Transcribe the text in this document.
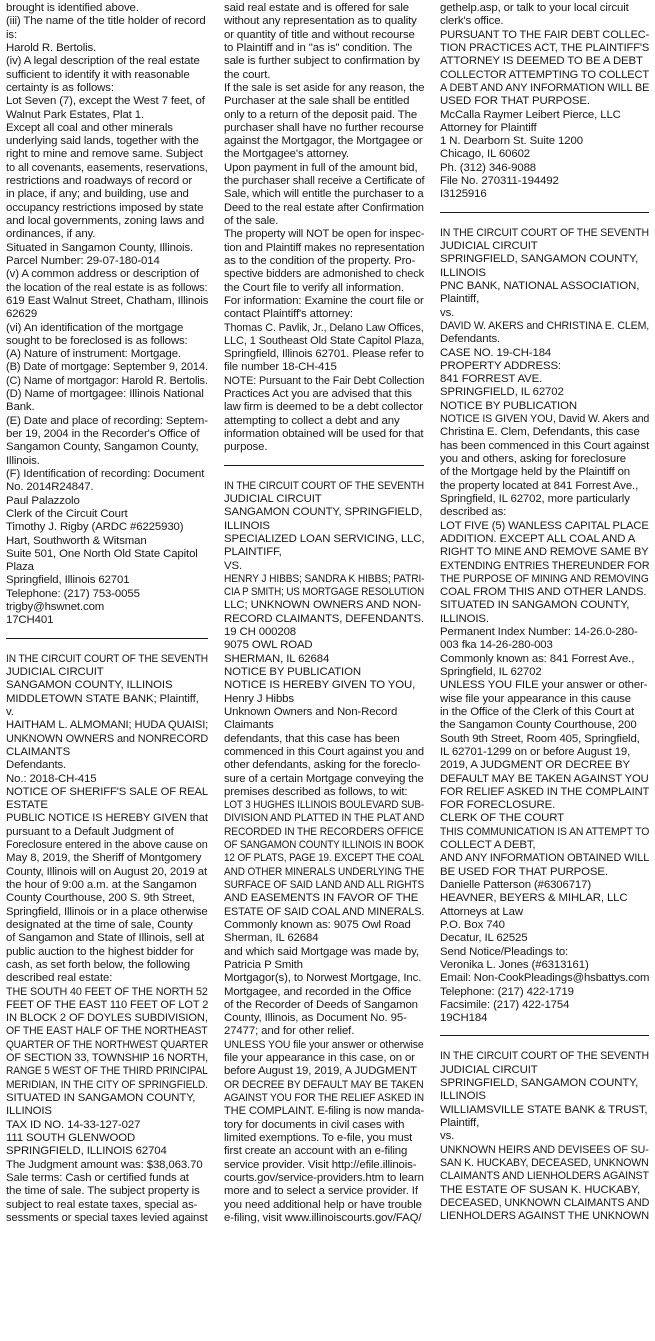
brought is identified above.
(iii) The name of the title holder of record
is:
Harold R. Bertolis.
(iv) A legal description of the real estate
sufficient to identify it with reasonable
certainty is as follows:
Lot Seven (7), except the West 7 feet, of
Walnut Park Estates, Plat 1.
Except all coal and other minerals
underlying said lands, together with the
right to mine and remove same. Subject
to all covenants, easements, reservations,
restrictions and roadways of record or
in place, if any; and building, use and
occupancy restrictions imposed by state
and local governments, zoning laws and
ordinances, if any.
Situated in Sangamon County, Illinois.
Parcel Number: 29-07-180-014
(v) A common address or description of
the location of the real estate is as follows:
619 East Walnut Street, Chatham, Illinois
62629
(vi) An identification of the mortgage
sought to be foreclosed is as follows:
(A) Nature of instrument: Mortgage.
(B) Date of mortgage: September 9, 2014.
(C) Name of mortgagor: Harold R. Bertolis.
(D) Name of mortgagee: Illinois National
Bank.
(E) Date and place of recording: Septem-
ber 19, 2004 in the Recorder's Office of
Sangamon County, Sangamon County,
Illinois.
(F) Identification of recording: Document
No. 2014R24847.
Paul Palazzolo
Clerk of the Circuit Court
Timothy J. Rigby (ARDC #6225930)
Hart, Southworth & Witsman
Suite 501, One North Old State Capitol
Plaza
Springfield, Illinois 62701
Telephone: (217) 753-0055
trigby@hswnet.com
17CH401
IN THE CIRCUIT COURT OF THE SEVENTH
JUDICIAL CIRCUIT
SANGAMON COUNTY, ILLINOIS
MIDDLETOWN STATE BANK; Plaintiff,
v.
HAITHAM L. ALMOMANI; HUDA QUAISI;
UNKNOWN OWNERS and NONRECORD
CLAIMANTS
Defendants.
No.: 2018-CH-415
NOTICE OF SHERIFF'S SALE OF REAL
ESTATE
PUBLIC NOTICE IS HEREBY GIVEN that
pursuant to a Default Judgment of
Foreclosure entered in the above cause on
May 8, 2019, the Sheriff of Montgomery
County, Illinois will on August 20, 2019 at
the hour of 9:00 a.m. at the Sangamon
County Courthouse, 200 S. 9th Street,
Springfield, Illinois or in a place otherwise
designated at the time of sale, County
of Sangamon and State of Illinois, sell at
public auction to the highest bidder for
cash, as set forth below, the following
described real estate:
THE SOUTH 40 FEET OF THE NORTH 52
FEET OF THE EAST 110 FEET OF LOT 2
IN BLOCK 2 OF DOYLES SUBDIVISION,
OF THE EAST HALF OF THE NORTHEAST
QUARTER OF THE NORTHWEST QUARTER
OF SECTION 33, TOWNSHIP 16 NORTH,
RANGE 5 WEST OF THE THIRD PRINCIPAL
MERIDIAN, IN THE CITY OF SPRINGFIELD.
SITUATED IN SANGAMON COUNTY,
ILLINOIS
TAX ID NO. 14-33-127-027
111 SOUTH GLENWOOD
SPRINGFIELD, ILLINOIS 62704
The Judgment amount was: $38,063.70
Sale terms: Cash or certified funds at
the time of sale. The subject property is
subject to real estate taxes, special as-
sessments or special taxes levied against
said real estate and is offered for sale
without any representation as to quality
or quantity of title and without recourse
to Plaintiff and in "as is" condition. The
sale is further subject to confirmation by
the court.
If the sale is set aside for any reason, the
Purchaser at the sale shall be entitled
only to a return of the deposit paid. The
purchaser shall have no further recourse
against the Mortgagor, the Mortgagee or
the Mortgagee's attorney.
Upon payment in full of the amount bid,
the purchaser shall receive a Certificate of
Sale, which will entitle the purchaser to a
Deed to the real estate after Confirmation
of the sale.
The property will NOT be open for inspec-
tion and Plaintiff makes no representation
as to the condition of the property. Pro-
spective bidders are admonished to check
the Court file to verify all information.
For information: Examine the court file or
contact Plaintiff's attorney:
Thomas C. Pavlik, Jr., Delano Law Offices,
LLC, 1 Southeast Old State Capitol Plaza,
Springfield, Illinois 62701. Please refer to
file number 18-CH-415
NOTE: Pursuant to the Fair Debt Collection
Practices Act you are advised that this
law firm is deemed to be a debt collector
attempting to collect a debt and any
information obtained will be used for that
purpose.
IN THE CIRCUIT COURT OF THE SEVENTH
JUDICIAL CIRCUIT
SANGAMON COUNTY, SPRINGFIELD,
ILLINOIS
SPECIALIZED LOAN SERVICING, LLC,
PLAINTIFF,
VS.
HENRY J HIBBS; SANDRA K HIBBS; PATRI-
CIA P SMITH; US MORTGAGE RESOLUTION
LLC; UNKNOWN OWNERS AND NON-
RECORD CLAIMANTS, DEFENDANTS.
19 CH 000208
9075 OWL ROAD
SHERMAN, IL 62684
NOTICE BY PUBLICATION
NOTICE IS HEREBY GIVEN TO YOU,
Henry J Hibbs
Unknown Owners and Non-Record
Claimants
defendants, that this case has been
commenced in this Court against you and
other defendants, asking for the foreclo-
sure of a certain Mortgage conveying the
premises described as follows, to wit:
LOT 3 HUGHES ILLINOIS BOULEVARD SUB-
DIVISION AND PLATTED IN THE PLAT AND
RECORDED IN THE RECORDERS OFFICE
OF SANGAMON COUNTY ILLINOIS IN BOOK
12 OF PLATS, PAGE 19. EXCEPT THE COAL
AND OTHER MINERALS UNDERLYING THE
SURFACE OF SAID LAND AND ALL RIGHTS
AND EASEMENTS IN FAVOR OF THE
ESTATE OF SAID COAL AND MINERALS.
Commonly known as: 9075 Owl Road
Sherman, IL 62684
and which said Mortgage was made by,
Patricia P Smith
Mortgagor(s), to Norwest Mortgage, Inc.
Mortgagee, and recorded in the Office
of the Recorder of Deeds of Sangamon
County, Illinois, as Document No. 95-
27477; and for other relief.
UNLESS YOU file your answer or otherwise
file your appearance in this case, on or
before August 19, 2019, A JUDGMENT
OR DECREE BY DEFAULT MAY BE TAKEN
AGAINST YOU FOR THE RELIEF ASKED IN
THE COMPLAINT. E-filing is now manda-
tory for documents in civil cases with
limited exemptions. To e-file, you must
first create an account with an e-filing
service provider. Visit http://efile.illinois-
courts.gov/service-providers.htm to learn
more and to select a service provider. If
you need additional help or have trouble
e-filing, visit www.illinoiscourts.gov/FAQ/
gethelp.asp, or talk to your local circuit
clerk's office.
PURSUANT TO THE FAIR DEBT COLLEC-
TION PRACTICES ACT, THE PLAINTIFF'S
ATTORNEY IS DEEMED TO BE A DEBT
COLLECTOR ATTEMPTING TO COLLECT
A DEBT AND ANY INFORMATION WILL BE
USED FOR THAT PURPOSE.
McCalla Raymer Leibert Pierce, LLC
Attorney for Plaintiff
1 N. Dearborn St. Suite 1200
Chicago, IL 60602
Ph. (312) 346-9088
File No. 270311-194492
I3125916
IN THE CIRCUIT COURT OF THE SEVENTH
JUDICIAL CIRCUIT
SPRINGFIELD, SANGAMON COUNTY,
ILLINOIS
PNC BANK, NATIONAL ASSOCIATION,
Plaintiff,
vs.
DAVID W. AKERS and CHRISTINA E. CLEM,
Defendants.
CASE NO. 19-CH-184
PROPERTY ADDRESS:
841 FORREST AVE.
SPRINGFIELD, IL 62702
NOTICE BY PUBLICATION
NOTICE IS GIVEN YOU, David W. Akers and
Christina E. Clem, Defendants, this case
has been commenced in this Court against
you and others, asking for foreclosure
of the Mortgage held by the Plaintiff on
the property located at 841 Forrest Ave.,
Springfield, IL 62702, more particularly
described as:
LOT FIVE (5) WANLESS CAPITAL PLACE
ADDITION. EXCEPT ALL COAL AND A
RIGHT TO MINE AND REMOVE SAME BY
EXTENDING ENTRIES THEREUNDER FOR
THE PURPOSE OF MINING AND REMOVING
COAL FROM THIS AND OTHER LANDS.
SITUATED IN SANGAMON COUNTY,
ILLINOIS.
Permanent Index Number: 14-26.0-280-
003 fka 14-26-280-003
Commonly known as: 841 Forrest Ave.,
Springfield, IL 62702
UNLESS YOU FILE your answer or other-
wise file your appearance in this cause
in the Office of the Clerk of this Court at
the Sangamon County Courthouse, 200
South 9th Street, Room 405, Springfield,
IL 62701-1299 on or before August 19,
2019, A JUDGMENT OR DECREE BY
DEFAULT MAY BE TAKEN AGAINST YOU
FOR RELIEF ASKED IN THE COMPLAINT
FOR FORECLOSURE.
CLERK OF THE COURT
THIS COMMUNICATION IS AN ATTEMPT TO
COLLECT A DEBT,
AND ANY INFORMATION OBTAINED WILL
BE USED FOR THAT PURPOSE.
Danielle Patterson (#6306717)
HEAVNER, BEYERS & MIHLAR, LLC
Attorneys at Law
P.O. Box 740
Decatur, IL 62525
Send Notice/Pleadings to:
Veronika L. Jones (#6313161)
Email: Non-CookPleadings@hsbattys.com
Telephone: (217) 422-1719
Facsimile: (217) 422-1754
19CH184
IN THE CIRCUIT COURT OF THE SEVENTH
JUDICIAL CIRCUIT
SPRINGFIELD, SANGAMON COUNTY,
ILLINOIS
WILLIAMSVILLE STATE BANK & TRUST,
Plaintiff,
vs.
UNKNOWN HEIRS AND DEVISEES OF SU-
SAN K. HUCKABY, DECEASED, UNKNOWN
CLAIMANTS AND LIENHOLDERS AGAINST
THE ESTATE OF SUSAN K. HUCKABY,
DECEASED, UNKNOWN CLAIMANTS AND
LIENHOLDERS AGAINST THE UNKNOWN
